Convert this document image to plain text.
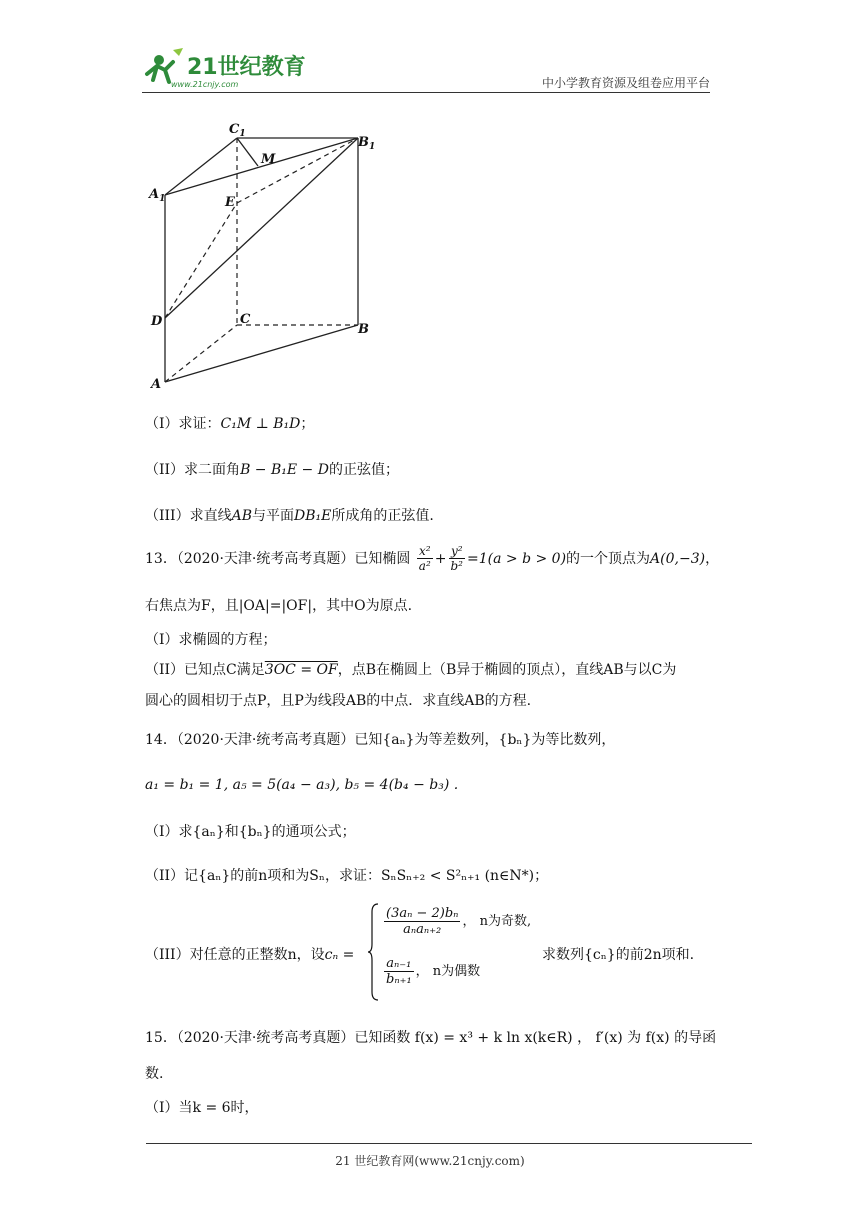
21世纪教育
www.21cnjy.com	中小学教育资源及组卷应用平台
$C_1$
$B_1$
$A_1$
M
E
D	C
B
A
（I）求证：C₁M ⊥ B₁D；
（II）求二面角B − B₁E − D的正弦值；
（III）求直线AB与平面DB₁E所成角的正弦值.
13．（2020·天津·统考高考真题）已知椭圆 $\frac{\text{x²}}{\text{a²}} + \frac{\text{y²}}{\text{b²}} =1(a > b > 0)$的一个顶点为A(0,−3)，
右焦点为F，且|OA|=|OF|，其中O为原点.
（I）求椭圆的方程；
（II）已知点C满足3OC = OF，点B在椭圆上（B异于椭圆的顶点），直线AB与以C为
圆心的圆相切于点P，且P为线段AB的中点．求直线AB的方程.
14．（2020·天津·统考高考真题）已知{aₙ}为等差数列，{bₙ}为等比数列，
a₁ = b₁ = 1, a₅ = 5(a₄ − a₃), b₅ = 4(b₄ − b₃) .
（I）求{aₙ}和{bₙ}的通项公式；
（II）记{aₙ}的前n项和为Sₙ，求证：SₙSₙ₊₂ < S²ₙ₊₁ (n∈N*)；
（III）对任意的正整数n，设cₙ =
$\frac{\text{(3aₙ − 2)bₙ}}{\text{aₙaₙ₊₂}}$ ， n为奇数,
$\frac{\text{aₙ₋₁}}{\text{bₙ₊₁}}$ ， n为偶数
求数列{cₙ}的前2n项和.
15．（2020·天津·统考高考真题）已知函数 f(x) = x³ + k ln x(k∈R) ， f′(x) 为 f(x) 的导函
数.
（I）当k = 6时，
21 世纪教育网(www.21cnjy.com)
